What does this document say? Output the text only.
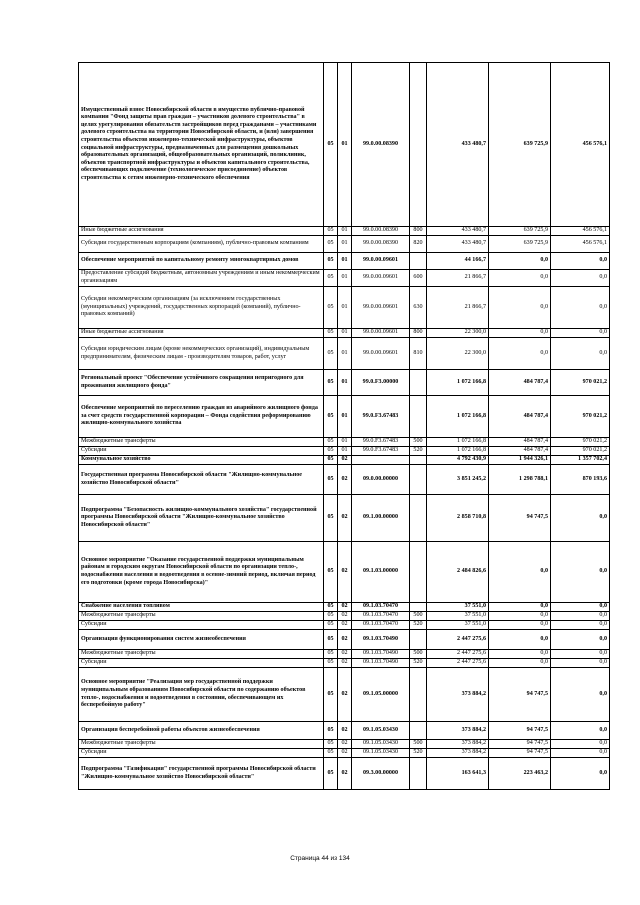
Имущественный взнос Новосибирской области в имущество публично-правовой компании "Фонд защиты прав граждан – участников долевого строительства" в целях урегулирования обязательств застройщиков перед гражданами – участниками долевого строительства на территории Новосибирской области, и (или) завершения строительства объектов инженерно-технической инфраструктуры, объектов социальной инфраструктуры, предназначенных для размещения дошкольных образовательных организаций, общеобразовательных организаций, поликлиник, объектов транспортной инфраструктуры и объектов капитального строительства, обеспечивающих подключение (технологическое присоединение) объектов строительства к сетям инженерно-технического обеспечения	05	01	99.0.00.08390		433 480,7	639 725,9	456 576,1
Иные бюджетные ассигнования	05	01	99.0.00.08390	800	433 480,7	639 725,9	456 576,1
Субсидии государственным корпорациям (компаниям), публично-правовым компаниям	05	01	99.0.00.08390	820	433 480,7	639 725,9	456 576,1
Обеспечение мероприятий по капитальному ремонту многоквартирных домов	05	01	99.0.00.09601		44 166,7	0,0	0,0
Предоставление субсидий бюджетным, автономным учреждениям и иным некоммерческим организациям	05	01	99.0.00.09601	600	21 866,7	0,0	0,0
Субсидии некоммерческим организациям (за исключением государственных (муниципальных) учреждений, государственных корпораций (компаний), публично-правовых компаний)	05	01	99.0.00.09601	630	21 866,7	0,0	0,0
Иные бюджетные ассигнования	05	01	99.0.00.09601	800	22 300,0	0,0	0,0
Субсидии юридическим лицам (кроме некоммерческих организаций), индивидуальным предпринимателям, физическим лицам - производителям товаров, работ, услуг	05	01	99.0.00.09601	810	22 300,0	0,0	0,0
Региональный проект "Обеспечение устойчивого сокращения непригодного для проживания жилищного фонда"	05	01	99.0.F3.00000		1 072 166,8	484 787,4	970 021,2
Обеспечение мероприятий по переселению граждан из аварийного жилищного фонда за счет средств государственной корпорации – Фонда содействия реформированию жилищно-коммунального хозяйства	05	01	99.0.F3.67483		1 072 166,8	484 787,4	970 021,2
Межбюджетные трансферты	05	01	99.0.F3.67483	500	1 072 166,8	484 787,4	970 021,2
Субсидии	05	01	99.0.F3.67483	520	1 072 166,8	484 787,4	970 021,2
Коммунальное хозяйство	05	02			4 792 430,9	1 944 326,1	1 357 702,4
Государственная программа Новосибирской области "Жилищно-коммунальное хозяйство Новосибирской области"	05	02	09.0.00.00000		3 851 245,2	1 298 788,1	870 193,6
Подпрограмма "Безопасность жилищно-коммунального хозяйства" государственной программы Новосибирской области "Жилищно-коммунальное хозяйство Новосибирской области"	05	02	09.1.00.00000		2 858 710,8	94 747,5	0,0
Основное мероприятие "Оказание государственной поддержки муниципальным районам и городским округам Новосибирской области по организации тепло-, водоснабжения населения и водоотведения в осенне-зимний период, включая период его подготовки (кроме города Новосибирска)"	05	02	09.1.03.00000		2 484 826,6	0,0	0,0
Снабжение населения топливом	05	02	09.1.03.70470		37 551,0	0,0	0,0
Межбюджетные трансферты	05	02	09.1.03.70470	500	37 551,0	0,0	0,0
Субсидии	05	02	09.1.03.70470	520	37 551,0	0,0	0,0
Организация функционирования систем жизнеобеспечения	05	02	09.1.03.70490		2 447 275,6	0,0	0,0
Межбюджетные трансферты	05	02	09.1.03.70490	500	2 447 275,6	0,0	0,0
Субсидии	05	02	09.1.03.70490	520	2 447 275,6	0,0	0,0
Основное мероприятие "Реализация мер государственной поддержки муниципальным образованиям Новосибирской области по содержанию объектов тепло-, водоснабжения и водоотведения в состоянии, обеспечивающем их бесперебойную работу"	05	02	09.1.05.00000		373 884,2	94 747,5	0,0
Организация бесперебойной работы объектов жизнеобеспечения	05	02	09.1.05.03430		373 884,2	94 747,5	0,0
Межбюджетные трансферты	05	02	09.1.05.03430	500	373 884,2	94 747,5	0,0
Субсидии	05	02	09.1.05.03430	520	373 884,2	94 747,5	0,0
Подпрограмма "Газификация" государственной программы Новосибирской области "Жилищно-коммунальное хозяйство Новосибирской области"	05	02	09.3.00.00000		163 641,3	223 463,2	0,0
Страница 44 из 134
